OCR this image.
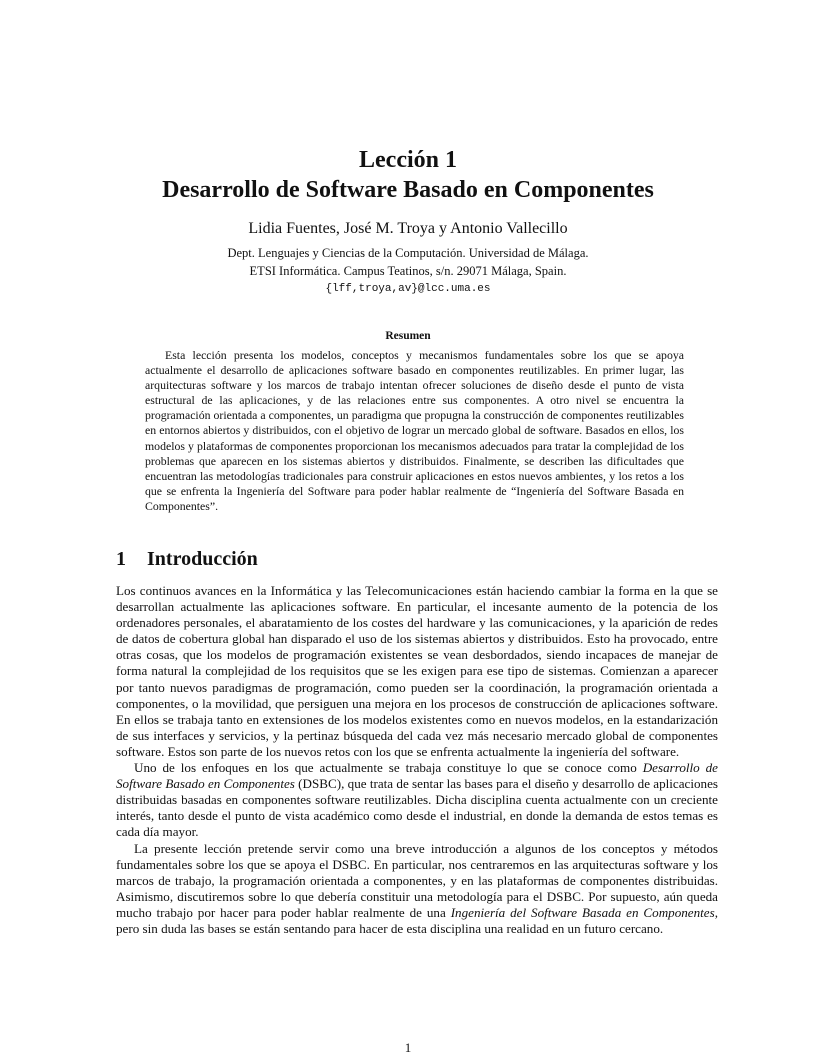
Lección 1
Desarrollo de Software Basado en Componentes
Lidia Fuentes, José M. Troya y Antonio Vallecillo
Dept. Lenguajes y Ciencias de la Computación. Universidad de Málaga.
ETSI Informática. Campus Teatinos, s/n. 29071 Málaga, Spain.
{lff,troya,av}@lcc.uma.es
Resumen

Esta lección presenta los modelos, conceptos y mecanismos fundamentales sobre los que se apoya actualmente el desarrollo de aplicaciones software basado en componentes reutilizables. En primer lugar, las arquitecturas software y los marcos de trabajo intentan ofrecer soluciones de diseño desde el punto de vista estructural de las aplicaciones, y de las relaciones entre sus componentes. A otro nivel se encuentra la programación orientada a componentes, un paradigma que propugna la construcción de componentes reutilizables en entornos abiertos y distribuidos, con el objetivo de lograr un mercado global de software. Basados en ellos, los modelos y plataformas de componentes proporcionan los mecanismos adecuados para tratar la complejidad de los problemas que aparecen en los sistemas abiertos y distribuidos. Finalmente, se describen las dificultades que encuentran las metodologías tradicionales para construir aplicaciones en estos nuevos ambientes, y los retos a los que se enfrenta la Ingeniería del Software para poder hablar realmente de “Ingeniería del Software Basada en Componentes”.

1 Introducción

Los continuos avances en la Informática y las Telecomunicaciones están haciendo cambiar la forma en la que se desarrollan actualmente las aplicaciones software. En particular, el incesante aumento de la potencia de los ordenadores personales, el abaratamiento de los costes del hardware y las comunicaciones, y la aparición de redes de datos de cobertura global han disparado el uso de los sistemas abiertos y distribuidos. Esto ha provocado, entre otras cosas, que los modelos de programación existentes se vean desbordados, siendo incapaces de manejar de forma natural la complejidad de los requisitos que se les exigen para ese tipo de sistemas. Comienzan a aparecer por tanto nuevos paradigmas de programación, como pueden ser la coordinación, la programación orientada a componentes, o la movilidad, que persiguen una mejora en los procesos de construcción de aplicaciones software. En ellos se trabaja tanto en extensiones de los modelos existentes como en nuevos modelos, en la estandarización de sus interfaces y servicios, y la pertinaz búsqueda del cada vez más necesario mercado global de componentes software. Estos son parte de los nuevos retos con los que se enfrenta actualmente la ingeniería del software.

Uno de los enfoques en los que actualmente se trabaja constituye lo que se conoce como Desarrollo de Software Basado en Componentes (DSBC), que trata de sentar las bases para el diseño y desarrollo de aplicaciones distribuidas basadas en componentes software reutilizables. Dicha disciplina cuenta actualmente con un creciente interés, tanto desde el punto de vista académico como desde el industrial, en donde la demanda de estos temas es cada día mayor.

La presente lección pretende servir como una breve introducción a algunos de los conceptos y métodos fundamentales sobre los que se apoya el DSBC. En particular, nos centraremos en las arquitecturas software y los marcos de trabajo, la programación orientada a componentes, y en las plataformas de componentes distribuidas. Asimismo, discutiremos sobre lo que debería constituir una metodología para el DSBC. Por supuesto, aún queda mucho trabajo por hacer para poder hablar realmente de una Ingeniería del Software Basada en Componentes, pero sin duda las bases se están sentando para hacer de esta disciplina una realidad en un futuro cercano.

1
